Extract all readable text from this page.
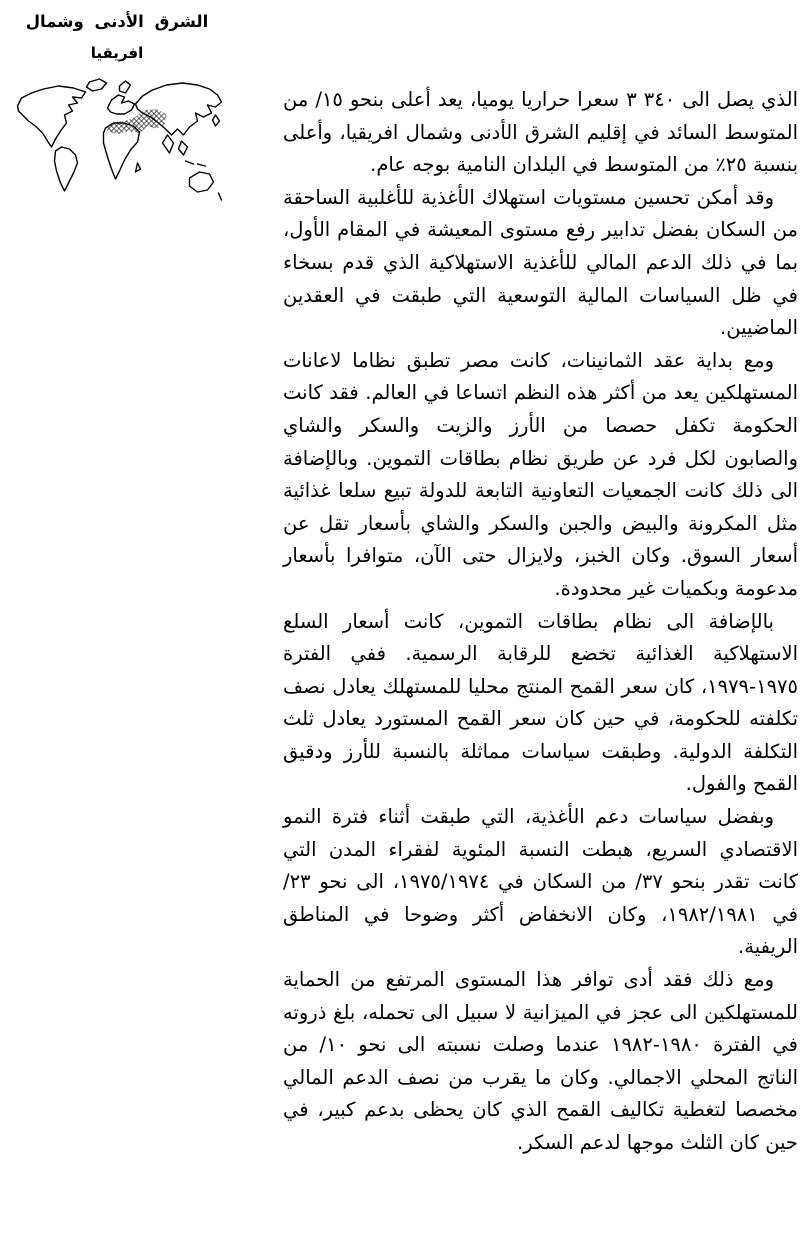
الشرق الأدنى وشمال
افريقيا

الذي يصل الى ٣ ٣٤٠ سعرا حراريا يوميا، يعد أعلى بنحو ١٥/ من المتوسط السائد في إقليم الشرق الأدنى وشمال افريقيا، وأعلى بنسبة ٢٥٪ من المتوسط في البلدان النامية بوجه عام.

وقد أمكن تحسين مستويات استهلاك الأغذية للأغلبية الساحقة من السكان بفضل تدابير رفع مستوى المعيشة في المقام الأول، بما في ذلك الدعم المالي للأغذية الاستهلاكية الذي قدم بسخاء في ظل السياسات المالية التوسعية التي طبقت في العقدين الماضيين.

ومع بداية عقد الثمانينات، كانت مصر تطبق نظاما لاعانات المستهلكين يعد من أكثر هذه النظم اتساعا في العالم. فقد كانت الحكومة تكفل حصصا من الأرز والزيت والسكر والشاي والصابون لكل فرد عن طريق نظام بطاقات التموين. وبالإضافة الى ذلك كانت الجمعيات التعاونية التابعة للدولة تبيع سلعا غذائية مثل المكرونة والبيض والجبن والسكر والشاي بأسعار تقل عن أسعار السوق. وكان الخبز، ولايزال حتى الآن، متوافرا بأسعار مدعومة وبكميات غير محدودة.

بالإضافة الى نظام بطاقات التموين، كانت أسعار السلع الاستهلاكية الغذائية تخضع للرقابة الرسمية. ففي الفترة ١٩٧٥-١٩٧٩، كان سعر القمح المنتج محليا للمستهلك يعادل نصف تكلفته للحكومة، في حين كان سعر القمح المستورد يعادل ثلث التكلفة الدولية. وطبقت سياسات مماثلة بالنسبة للأرز ودقيق القمح والفول.

وبفضل سياسات دعم الأغذية، التي طبقت أثناء فترة النمو الاقتصادي السريع، هبطت النسبة المئوية لفقراء المدن التي كانت تقدر بنحو ٣٧/ من السكان في ١٩٧٥/١٩٧٤، الى نحو ٢٣/ في ١٩٨٢/١٩٨١، وكان الانخفاض أكثر وضوحا في المناطق الريفية.

ومع ذلك فقد أدى توافر هذا المستوى المرتفع من الحماية للمستهلكين الى عجز في الميزانية لا سبيل الى تحمله، بلغ ذروته في الفترة ١٩٨٠-١٩٨٢ عندما وصلت نسبته الى نحو ١٠/ من الناتج المحلي الاجمالي. وكان ما يقرب من نصف الدعم المالي مخصصا لتغطية تكاليف القمح الذي كان يحظى بدعم كبير، في حين كان الثلث موجها لدعم السكر.
